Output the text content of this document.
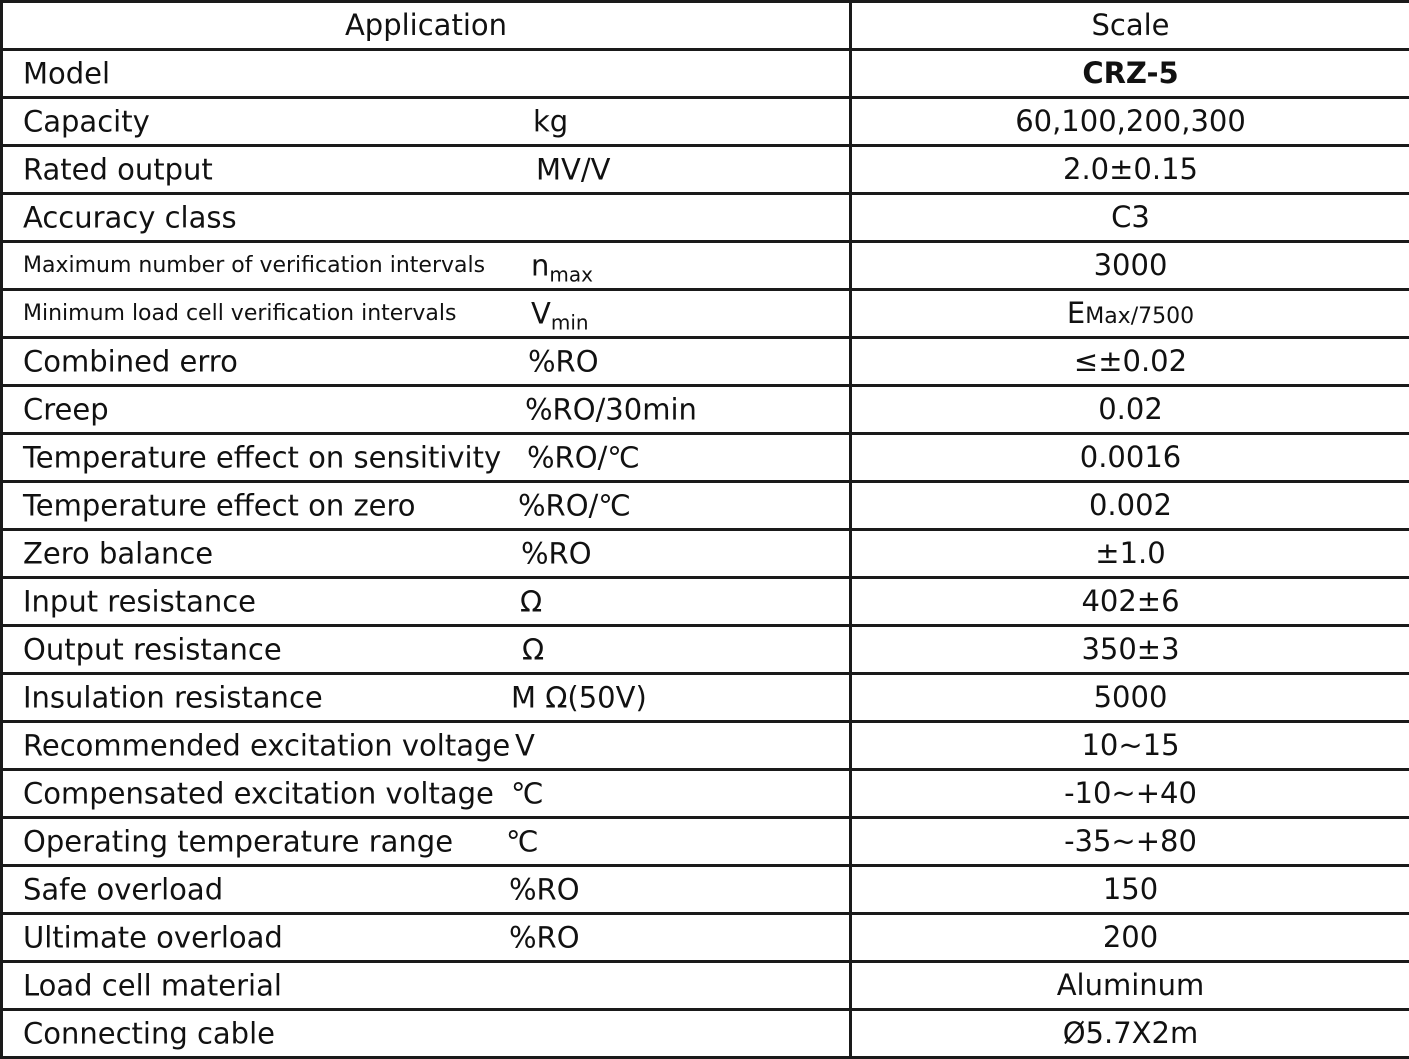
Application	Scale

Model	CRZ-5

Capacity kg	60,100,200,300

Rated output MV/V	2.0±0.15

Accuracy class	C3

Maximum number of verification intervals $n_{max}$	3000

Minimum load cell verification intervals $V_{min}$	EMax/7500

Combined erro %RO	≤±0.02

Creep %RO/30min	0.02

Temperature effect on sensitivity %RO/℃	0.0016

Temperature effect on zero %RO/℃	0.002

Zero balance %RO	±1.0

Input resistance Ω	402±6

Output resistance Ω	350±3

Insulation resistance M Ω(50V)	5000

Recommended excitation voltage V	10~15

Compensated excitation voltage ℃	-10~+40

Operating temperature range ℃	-35~+80

Safe overload %RO	150

Ultimate overload %RO	200

Load cell material	Aluminum

Connecting cable	Ø5.7X2m
